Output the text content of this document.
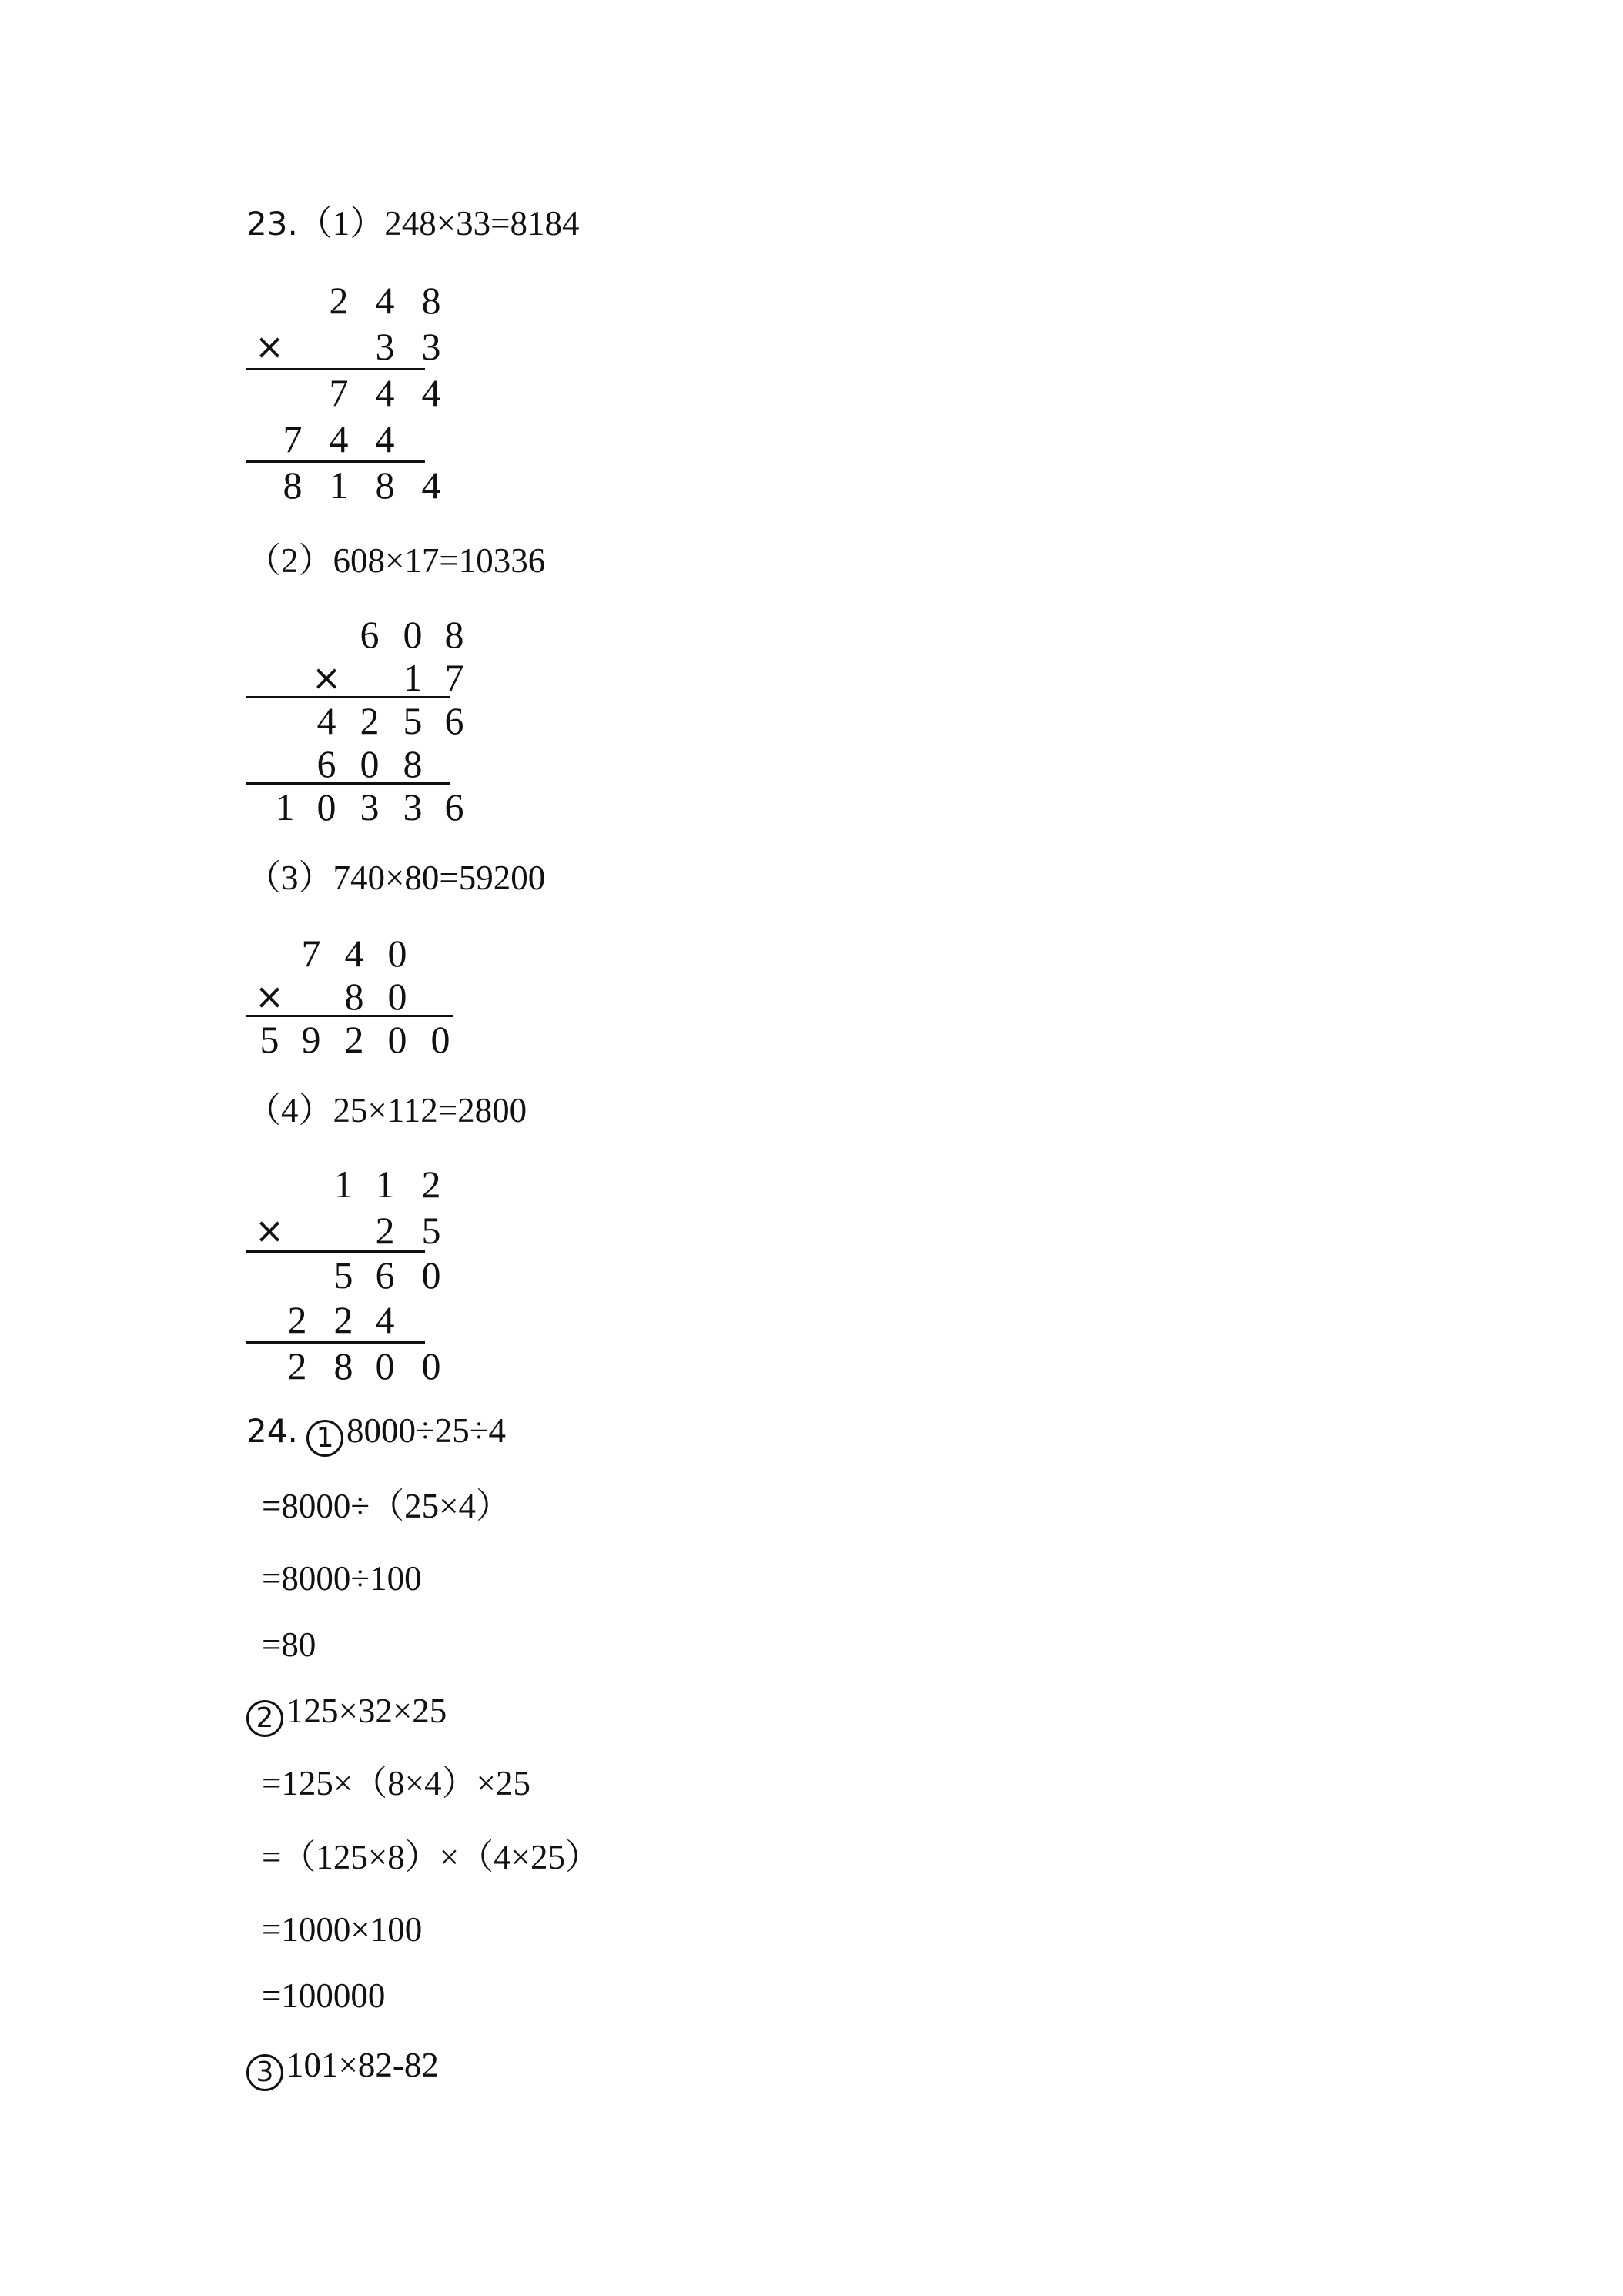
23.（1）248×33=8184
2 4 8
×	3 3
7 4 4
7 4 4
8 1 8 4
（2）608×17=10336
6 0 8
×	1 7
4 2 5 6
6 0 8
1 0 3 3 6
（3）740×80=59200
7 4 0
×	8 0
5 9 2 0 0
（4）25×112=2800
1 1 2
×	2 5
5 6 0
2 2 4
2 8 0 0
24. 1 8000÷25÷4
=8000÷（25×4）
=8000÷100
=80
2 125×32×25
=125×（8×4）×25
=（125×8）×（4×25）
=1000×100
=100000
3 101×82-82
